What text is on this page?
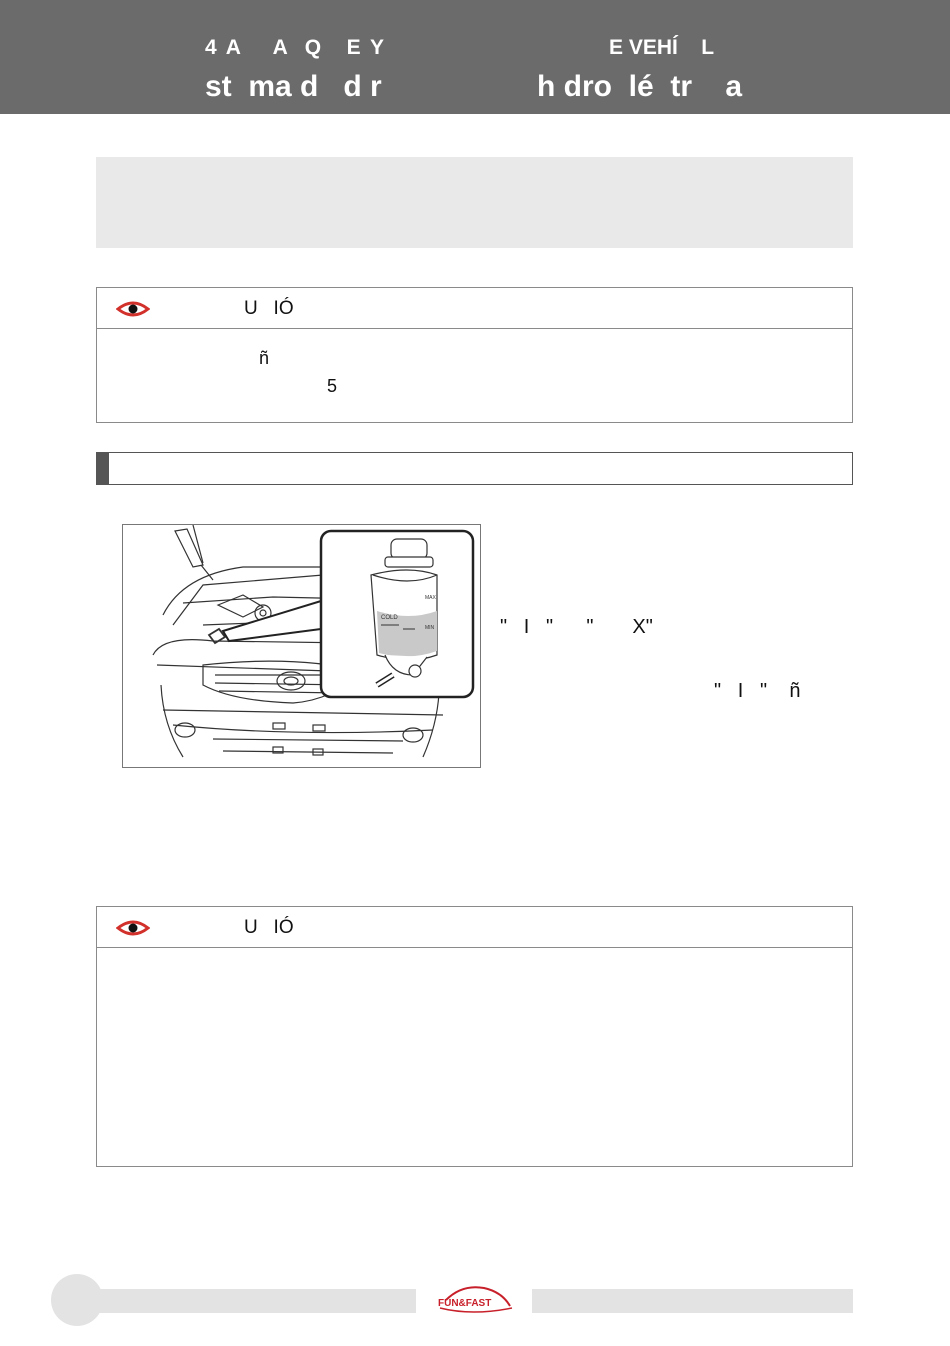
4 A    A  Q   E Y	E VEHÍ    L
st  ma d   d r	h dro  lé  tr    a
U   IÓ
ñ
5
COLD
MAX
MIN	"   I   "      "       X"
"   I   "    ñ
U   IÓ
FUN&FAST
